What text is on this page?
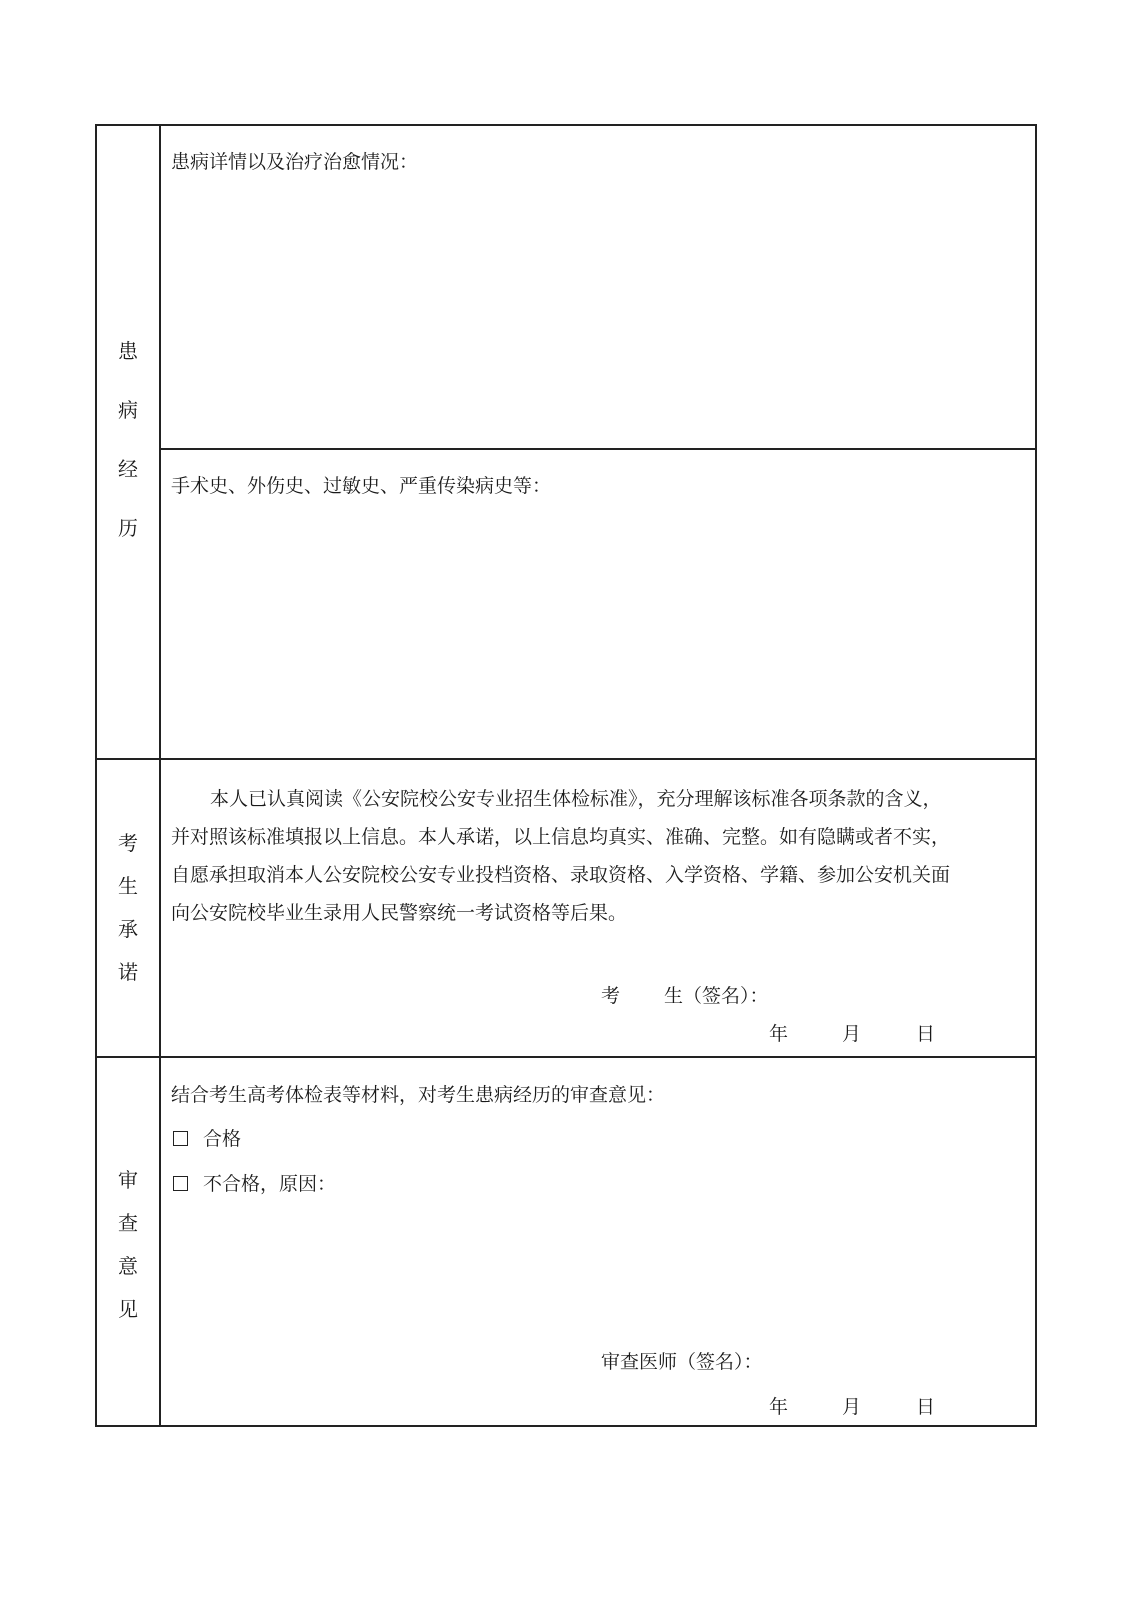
患
病
经
历
患病详情以及治疗治愈情况：
手术史、外伤史、过敏史、严重传染病史等：
考
生
承
诺

本人已认真阅读《公安院校公安专业招生体检标准》，充分理解该标准各项条款的含义，

并对照该标准填报以上信息。本人承诺，以上信息均真实、准确、完整。如有隐瞒或者不实，

自愿承担取消本人公安院校公安专业投档资格、录取资格、入学资格、学籍、参加公安机关面

向公安院校毕业生录用人民警察统一考试资格等后果。

考 生（签名）：
年	月	日
审
查
意
见
结合考生高考体检表等材料，对考生患病经历的审查意见：
合格
不合格，原因：
审查医师（签名）：
年	月	日
